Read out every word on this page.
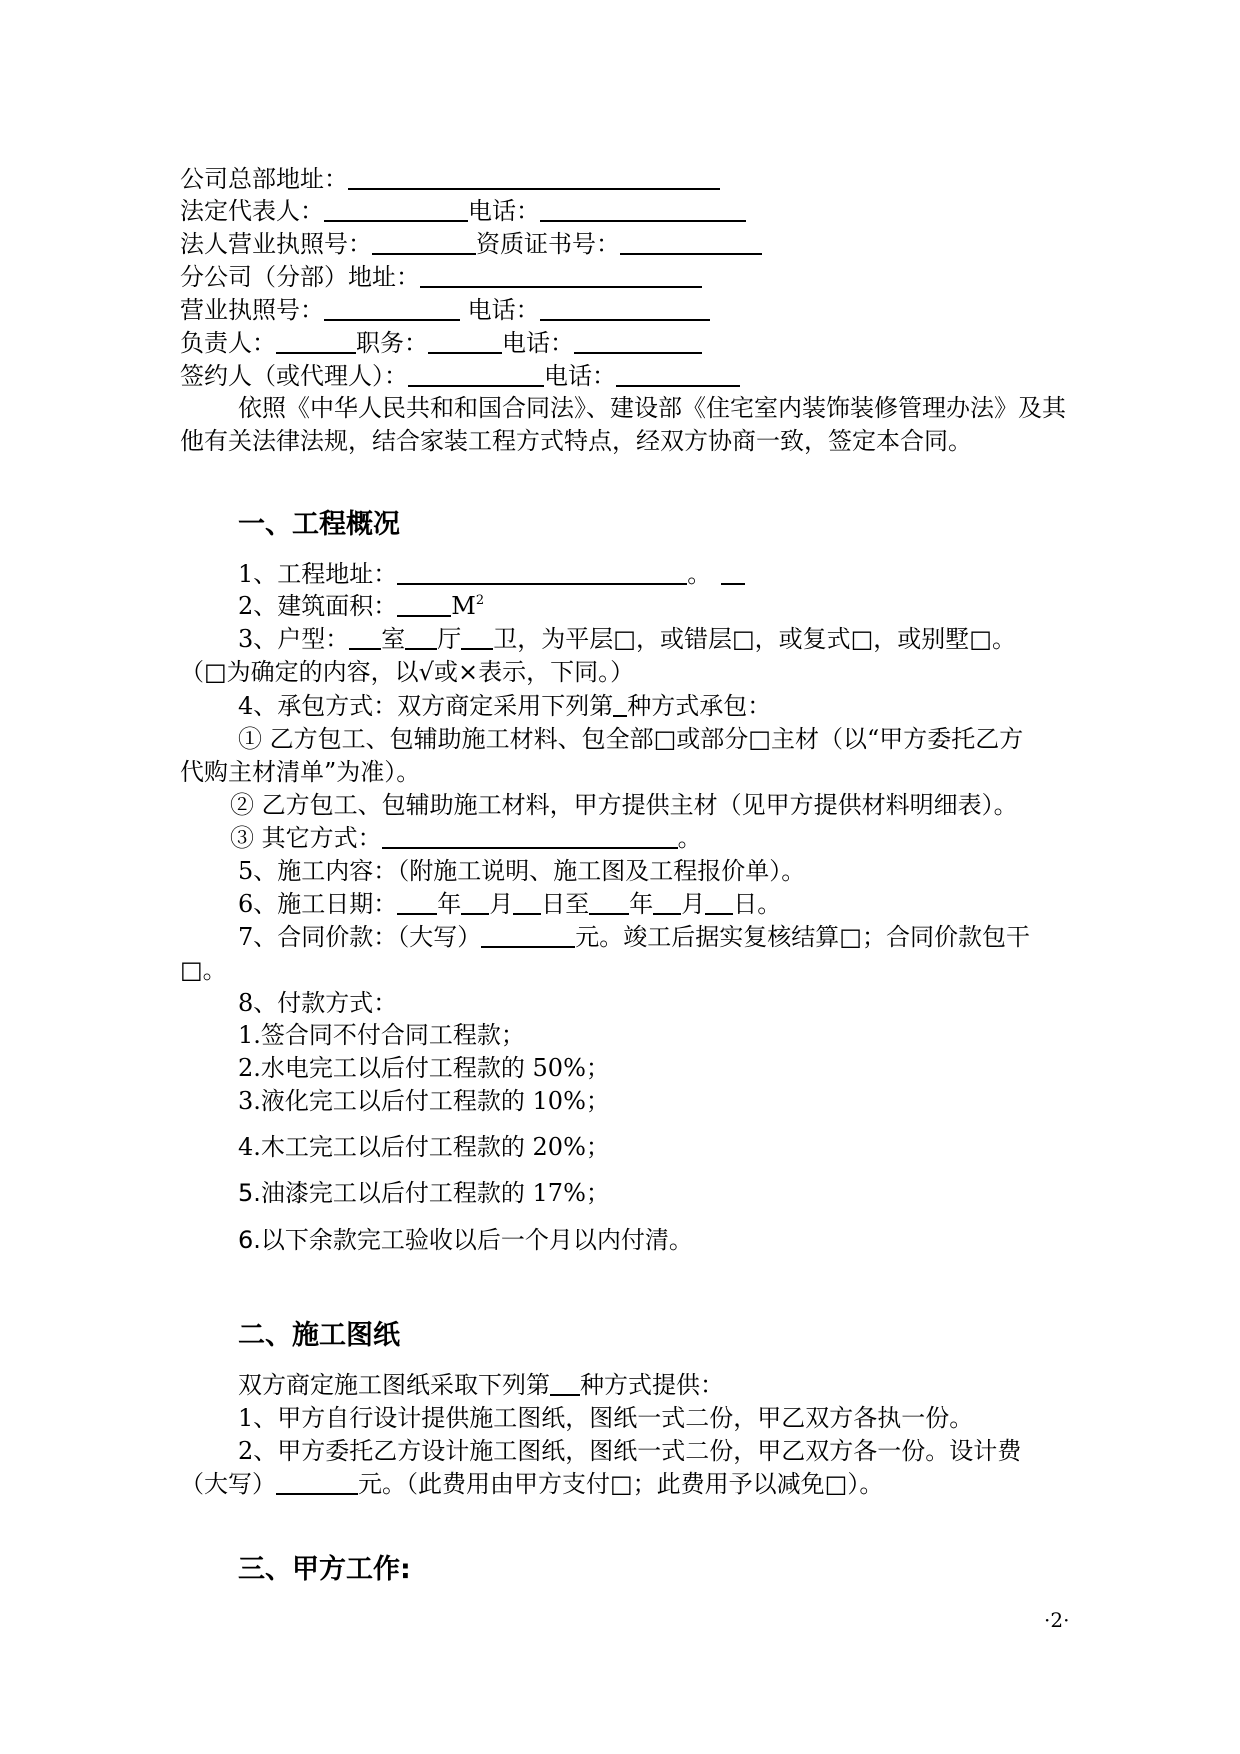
公司总部地址：
法定代表人：	电话：
法人营业执照号：	资质证书号：
分公司（分部）地址：
营业执照号：	电话：
负责人：	职务：	电话：
签约人（或代理人）：	电话：
依照《中华人民共和和国合同法》、建设部《住宅室内装饰装修管理办法》及其
他有关法律法规，结合家装工程方式特点，经双方协商一致，签定本合同。
一、工程概况
1、工程地址：	。
2、建筑面积： $M^2$
3、户型： 室 厅 卫，为平层□，或错层□，或复式□，或别墅□。
（□为确定的内容，以√或×表示，下同。）
4、承包方式：双方商定采用下列第 种方式承包：
① 乙方包工、包辅助施工材料、包全部□或部分□主材（以“甲方委托乙方
代购主材清单”为准）。
② 乙方包工、包辅助施工材料，甲方提供主材（见甲方提供材料明细表）。
③ 其它方式：	。
5、施工内容：（附施工说明、施工图及工程报价单）。
6、施工日期： 年 月 日至 年 月 日。
7、合同价款：（大写）	元。竣工后据实复核结算□；合同价款包干
□。
8、付款方式：
1.签合同不付合同工程款；
2.水电完工以后付工程款的 50%；
3.液化完工以后付工程款的 10%；
4.木工完工以后付工程款的 20%；
5.油漆完工以后付工程款的 17%；
6.以下余款完工验收以后一个月以内付清。
二、施工图纸
双方商定施工图纸采取下列第 种方式提供：
1、甲方自行设计提供施工图纸，图纸一式二份，甲乙双方各执一份。
2、甲方委托乙方设计施工图纸，图纸一式二份，甲乙双方各一份。设计费
（大写）	元。（此费用由甲方支付□；此费用予以减免□）。
三、甲方工作:
·2·
